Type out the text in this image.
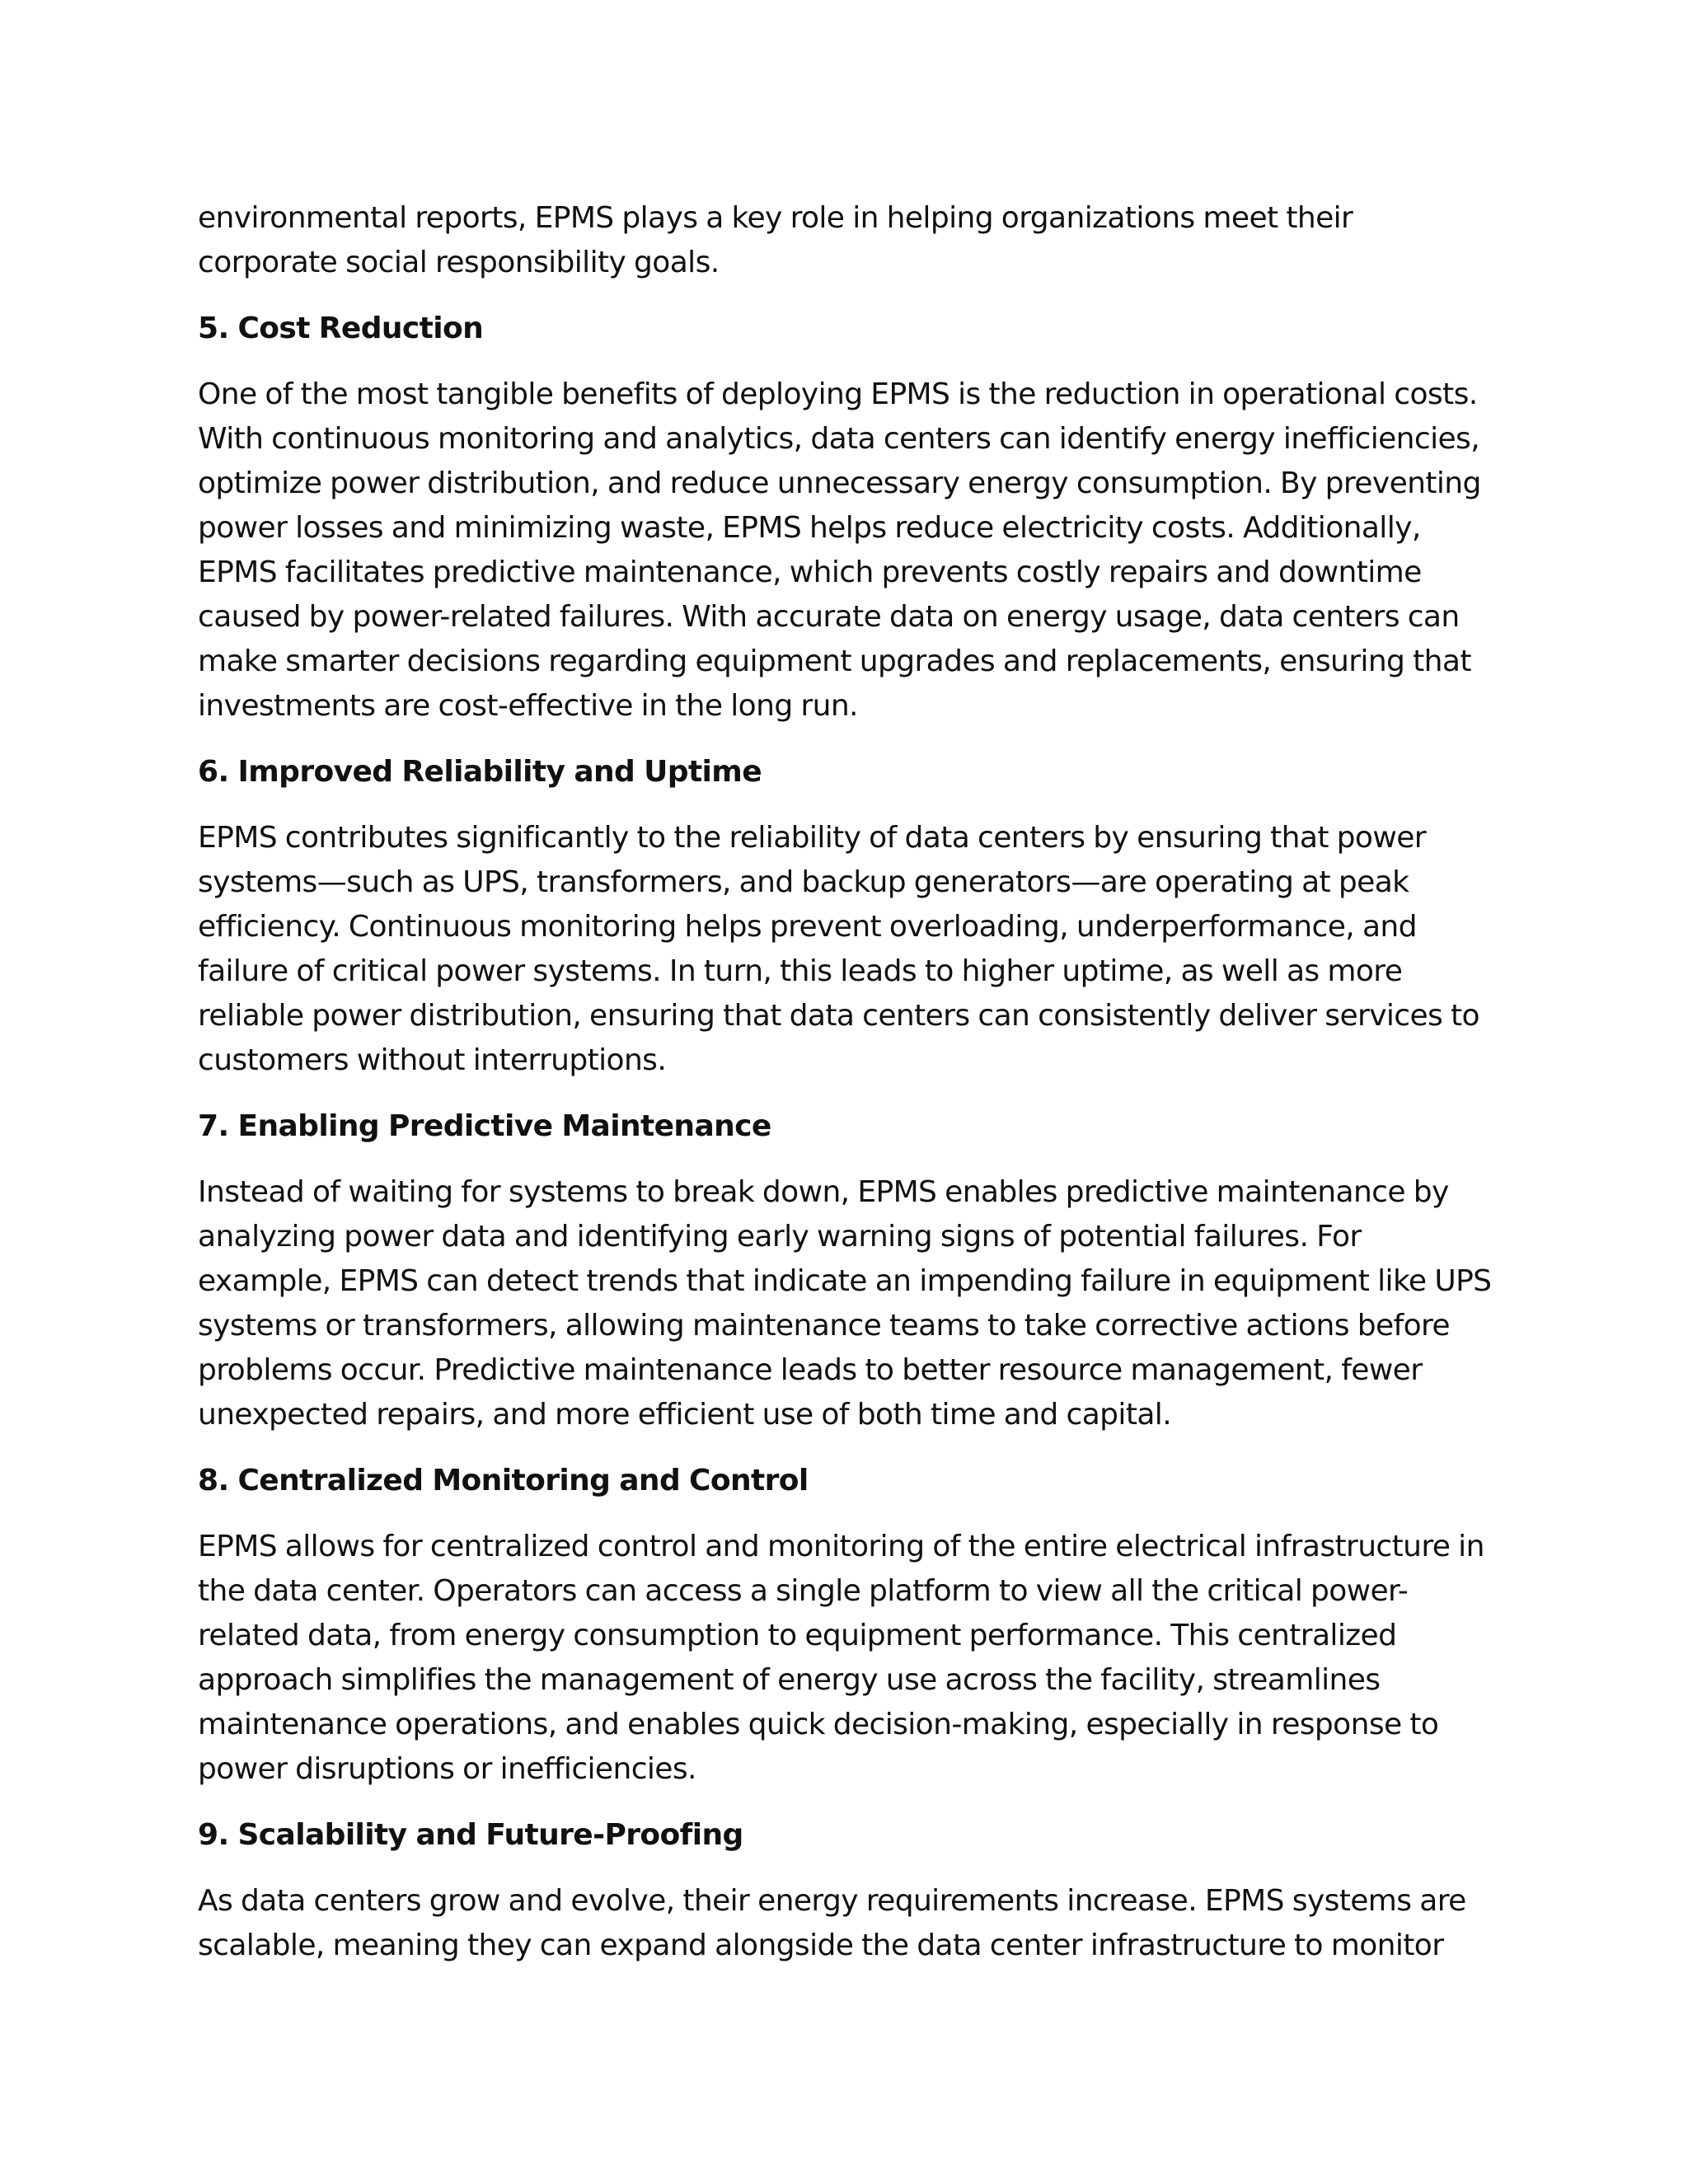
environmental reports, EPMS plays a key role in helping organizations meet their corporate social responsibility goals.

5. Cost Reduction

One of the most tangible benefits of deploying EPMS is the reduction in operational costs. With continuous monitoring and analytics, data centers can identify energy inefficiencies, optimize power distribution, and reduce unnecessary energy consumption. By preventing power losses and minimizing waste, EPMS helps reduce electricity costs. Additionally, EPMS facilitates predictive maintenance, which prevents costly repairs and downtime caused by power-related failures. With accurate data on energy usage, data centers can make smarter decisions regarding equipment upgrades and replacements, ensuring that investments are cost-effective in the long run.

6. Improved Reliability and Uptime

EPMS contributes significantly to the reliability of data centers by ensuring that power systems—such as UPS, transformers, and backup generators—are operating at peak efficiency. Continuous monitoring helps prevent overloading, underperformance, and failure of critical power systems. In turn, this leads to higher uptime, as well as more reliable power distribution, ensuring that data centers can consistently deliver services to customers without interruptions.

7. Enabling Predictive Maintenance

Instead of waiting for systems to break down, EPMS enables predictive maintenance by analyzing power data and identifying early warning signs of potential failures. For example, EPMS can detect trends that indicate an impending failure in equipment like UPS systems or transformers, allowing maintenance teams to take corrective actions before problems occur. Predictive maintenance leads to better resource management, fewer unexpected repairs, and more efficient use of both time and capital.

8. Centralized Monitoring and Control

EPMS allows for centralized control and monitoring of the entire electrical infrastructure in the data center. Operators can access a single platform to view all the critical power-related data, from energy consumption to equipment performance. This centralized approach simplifies the management of energy use across the facility, streamlines maintenance operations, and enables quick decision-making, especially in response to power disruptions or inefficiencies.

9. Scalability and Future-Proofing

As data centers grow and evolve, their energy requirements increase. EPMS systems are scalable, meaning they can expand alongside the data center infrastructure to monitor
